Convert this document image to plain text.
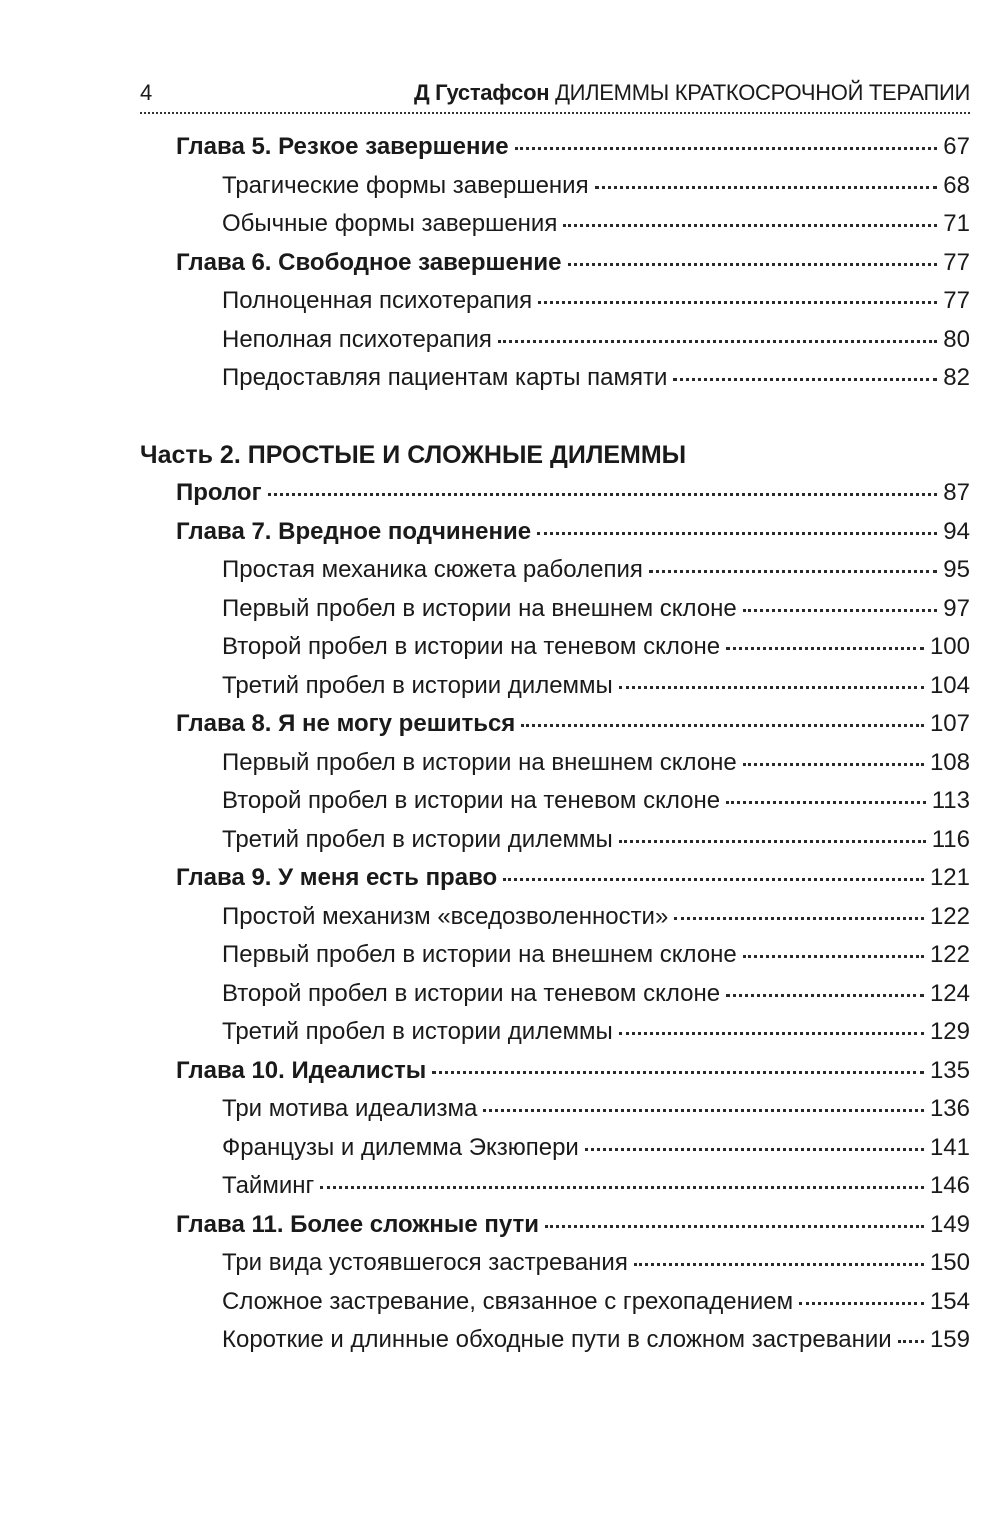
4	Д Густафсон ДИЛЕММЫ КРАТКОСРОЧНОЙ ТЕРАПИИ
Глава 5. Резкое завершение	67
Трагические формы завершения	68
Обычные формы завершения	71
Глава 6. Свободное завершение	77
Полноценная психотерапия	77
Неполная психотерапия	80
Предоставляя пациентам карты памяти	82
Часть 2. ПРОСТЫЕ И СЛОЖНЫЕ ДИЛЕММЫ
Пролог	87
Глава 7. Вредное подчинение	94
Простая механика сюжета раболепия	95
Первый пробел в истории на внешнем склоне	97
Второй пробел в истории на теневом склоне	100
Третий пробел в истории дилеммы	104
Глава 8. Я не могу решиться	107
Первый пробел в истории на внешнем склоне	108
Второй пробел в истории на теневом склоне	113
Третий пробел в истории дилеммы	116
Глава 9. У меня есть право	121
Простой механизм «вседозволенности»	122
Первый пробел в истории на внешнем склоне	122
Второй пробел в истории на теневом склоне	124
Третий пробел в истории дилеммы	129
Глава 10. Идеалисты	135
Три мотива идеализма	136
Французы и дилемма Экзюпери	141
Тайминг	146
Глава 11. Более сложные пути	149
Три вида устоявшегося застревания	150
Сложное застревание, связанное с грехопадением	154
Короткие и длинные обходные пути в сложном застревании 159
